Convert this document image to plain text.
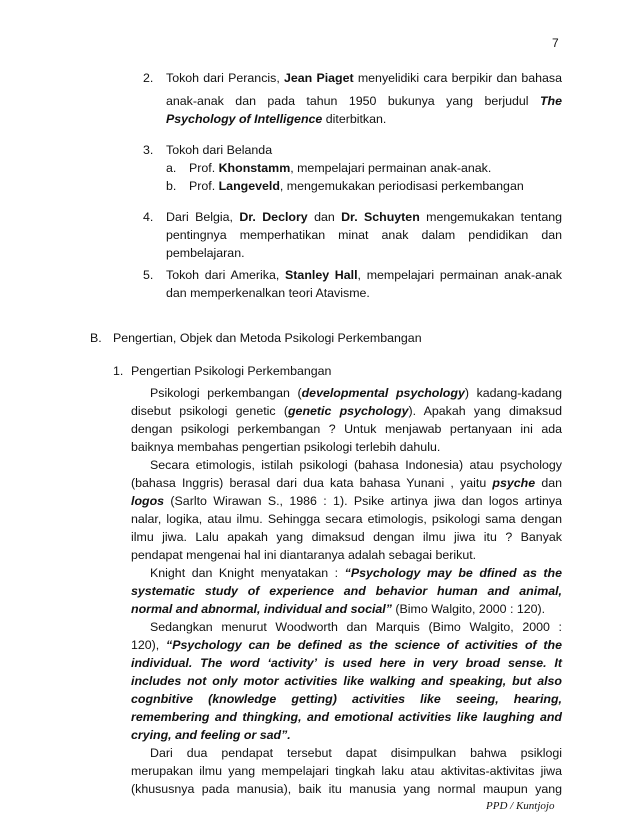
7
2. Tokoh dari Perancis, Jean Piaget menyelidiki cara berpikir dan bahasa
anak-anak dan pada tahun 1950 bukunya yang berjudul The
Psychology of Intelligence diterbitkan.
3. Tokoh dari Belanda
a. Prof. Khonstamm, mempelajari permainan anak-anak.
b. Prof. Langeveld, mengemukakan periodisasi perkembangan
4. Dari Belgia, Dr. Declory dan Dr. Schuyten mengemukakan tentang
pentingnya memperhatikan minat anak dalam pendidikan dan
pembelajaran.
5. Tokoh dari Amerika, Stanley Hall, mempelajari permainan anak-anak
dan memperkenalkan teori Atavisme.
B. Pengertian, Objek dan Metoda Psikologi Perkembangan
1. Pengertian Psikologi Perkembangan
Psikologi perkembangan (developmental psychology) kadang-kadang
disebut psikologi genetic (genetic psychology). Apakah yang dimaksud
dengan psikologi perkembangan ? Untuk menjawab pertanyaan ini ada
baiknya membahas pengertian psikologi terlebih dahulu.
Secara etimologis, istilah psikologi (bahasa Indonesia) atau psychology
(bahasa Inggris) berasal dari dua kata bahasa Yunani , yaitu psyche dan
logos (Sarlto Wirawan S., 1986 : 1). Psike artinya jiwa dan logos artinya
nalar, logika, atau ilmu. Sehingga secara etimologis, psikologi sama dengan
ilmu jiwa. Lalu apakah yang dimaksud dengan ilmu jiwa itu ? Banyak
pendapat mengenai hal ini diantaranya adalah sebagai berikut.
Knight dan Knight menyatakan : “Psychology may be dfined as the
systematic study of experience and behavior human and animal,
normal and abnormal, individual and social” (Bimo Walgito, 2000 : 120).
Sedangkan menurut Woodworth dan Marquis (Bimo Walgito, 2000 :
120), “Psychology can be defined as the science of activities of the
individual. The word ‘activity’ is used here in very broad sense. It
includes not only motor activities like walking and speaking, but also
cognbitive (knowledge getting) activities like seeing, hearing,
remembering and thingking, and emotional activities like laughing and
crying, and feeling or sad”.
Dari dua pendapat tersebut dapat disimpulkan bahwa psiklogi
merupakan ilmu yang mempelajari tingkah laku atau aktivitas-aktivitas jiwa
(khususnya pada manusia), baik itu manusia yang normal maupun yang
PPD / Kuntjojo
